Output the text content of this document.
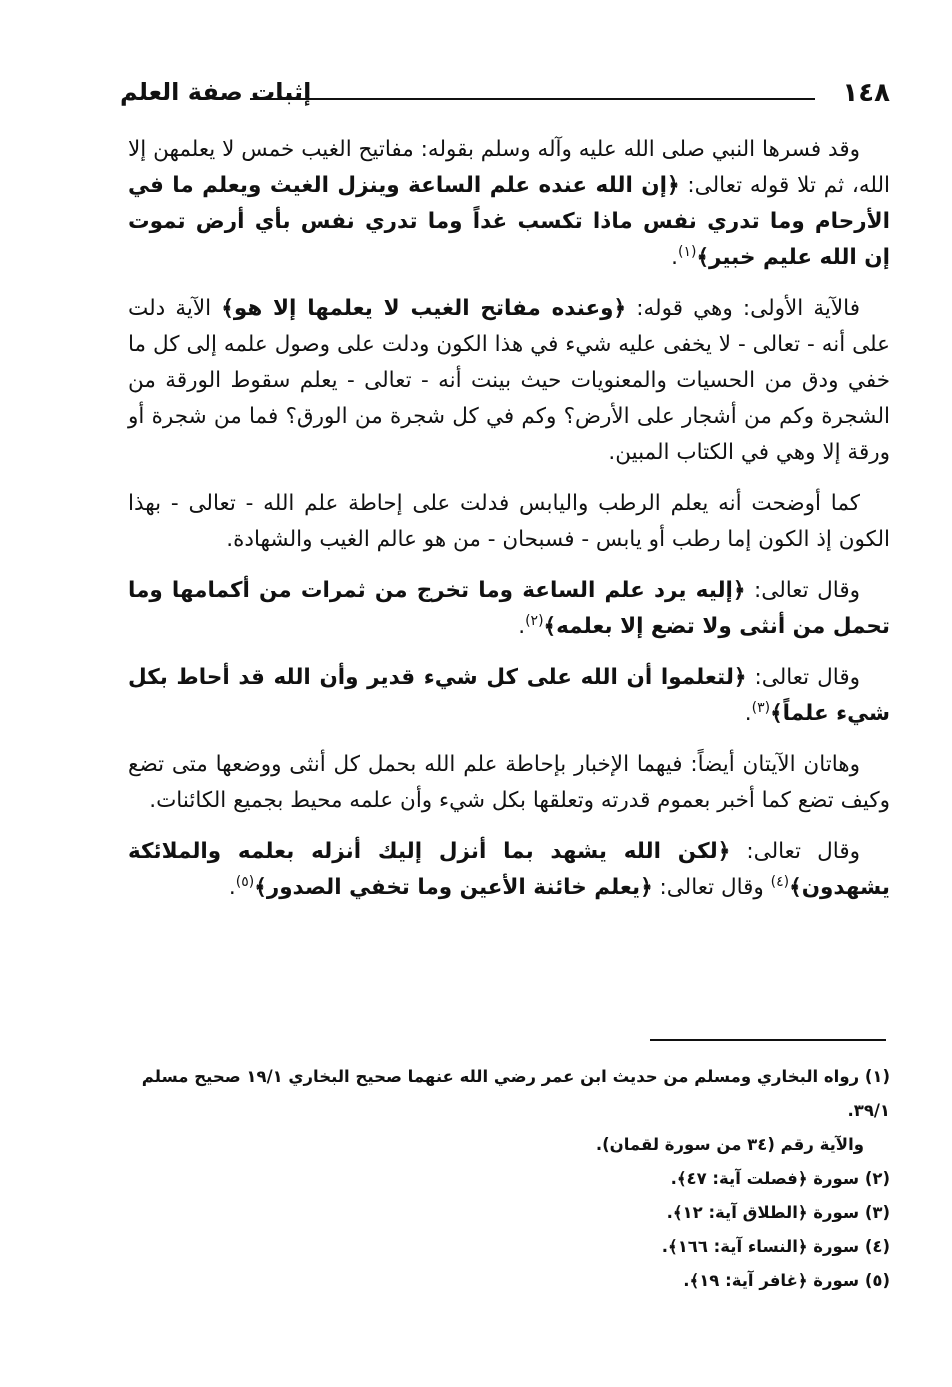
١٤٨
إثبات صفة العلم

وقد فسرها النبي صلى الله عليه وآله وسلم بقوله: مفاتيح الغيب خمس لا يعلمهن إلا الله، ثم تلا قوله تعالى: ﴿إن الله عنده علم الساعة وينزل الغيث ويعلم ما في الأرحام وما تدري نفس ماذا تكسب غداً وما تدري نفس بأي أرض تموت إن الله عليم خبير﴾$^{(١)}$.

فالآية الأولى: وهي قوله: ﴿وعنده مفاتح الغيب لا يعلمها إلا هو﴾ الآية دلت على أنه - تعالى - لا يخفى عليه شيء في هذا الكون ودلت على وصول علمه إلى كل ما خفي ودق من الحسيات والمعنويات حيث بينت أنه - تعالى - يعلم سقوط الورقة من الشجرة وكم من أشجار على الأرض؟ وكم في كل شجرة من الورق؟ فما من شجرة أو ورقة إلا وهي في الكتاب المبين.

كما أوضحت أنه يعلم الرطب واليابس فدلت على إحاطة علم الله - تعالى - بهذا الكون إذ الكون إما رطب أو يابس - فسبحان - من هو عالم الغيب والشهادة.

وقال تعالى: ﴿إليه يرد علم الساعة وما تخرج من ثمرات من أكمامها وما تحمل من أنثى ولا تضع إلا بعلمه﴾$^{(٢)}$.

وقال تعالى: ﴿لتعلموا أن الله على كل شيء قدير وأن الله قد أحاط بكل شيء علماً﴾$^{(٣)}$.

وهاتان الآيتان أيضاً: فيهما الإخبار بإحاطة علم الله بحمل كل أنثى ووضعها متى تضع وكيف تضع كما أخبر بعموم قدرته وتعلقها بكل شيء وأن علمه محيط بجميع الكائنات.

وقال تعالى: ﴿لكن الله يشهد بما أنزل إليك أنزله بعلمه والملائكة يشهدون﴾$^{(٤)}$ وقال تعالى: ﴿يعلم خائنة الأعين وما تخفي الصدور﴾$^{(٥)}$.

(١) رواه البخاري ومسلم من حديث ابن عمر رضي الله عنهما صحيح البخاري ١٩/١ صحيح مسلم ٣٩/١.
والآية رقم (٣٤ من سورة لقمان).

(٢) سورة ﴿فصلت آية: ٤٧﴾.

(٣) سورة ﴿الطلاق آية: ١٢﴾.

(٤) سورة ﴿النساء آية: ١٦٦﴾.

(٥) سورة ﴿غافر آية: ١٩﴾.
